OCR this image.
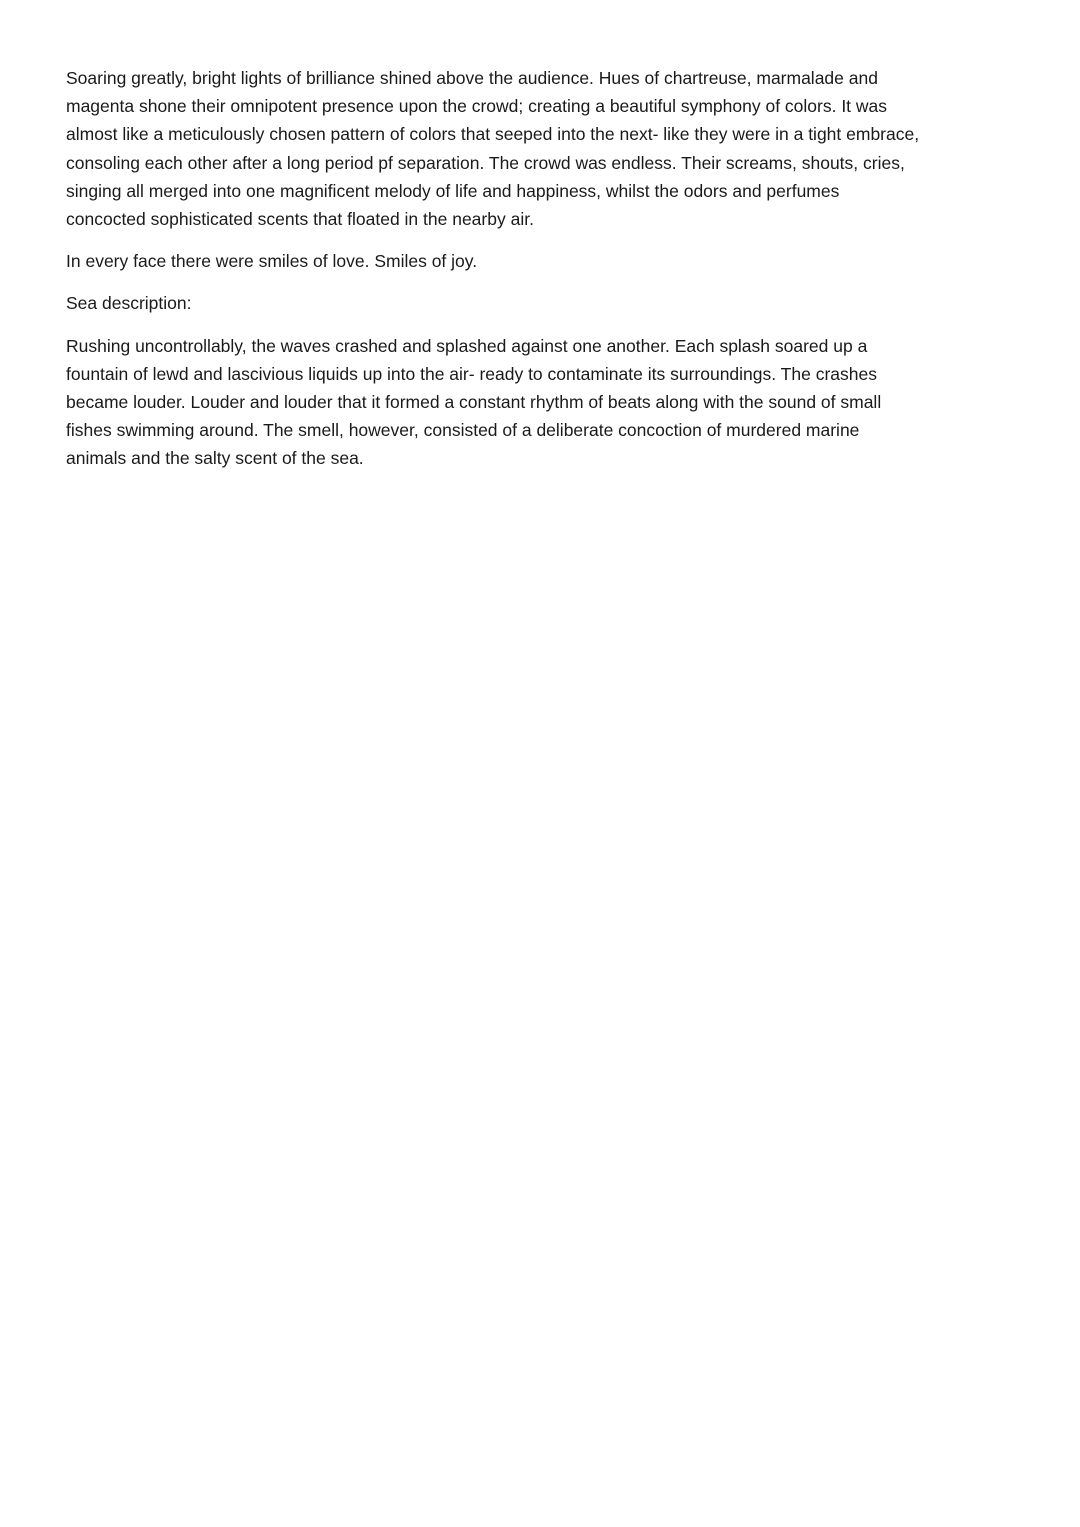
Soaring greatly, bright lights of brilliance shined above the audience. Hues of chartreuse, marmalade and
magenta shone their omnipotent presence upon the crowd; creating a beautiful symphony of colors. It was
almost like a meticulously chosen pattern of colors that seeped into the next- like they were in a tight embrace,
consoling each other after a long period pf separation. The crowd was endless. Their screams, shouts, cries,
singing all merged into one magnificent melody of life and happiness, whilst the odors and perfumes
concocted sophisticated scents that floated in the nearby air.

In every face there were smiles of love. Smiles of joy.

Sea description:

Rushing uncontrollably, the waves crashed and splashed against one another. Each splash soared up a
fountain of lewd and lascivious liquids up into the air- ready to contaminate its surroundings. The crashes
became louder. Louder and louder that it formed a constant rhythm of beats along with the sound of small
fishes swimming around. The smell, however, consisted of a deliberate concoction of murdered marine
animals and the salty scent of the sea.
